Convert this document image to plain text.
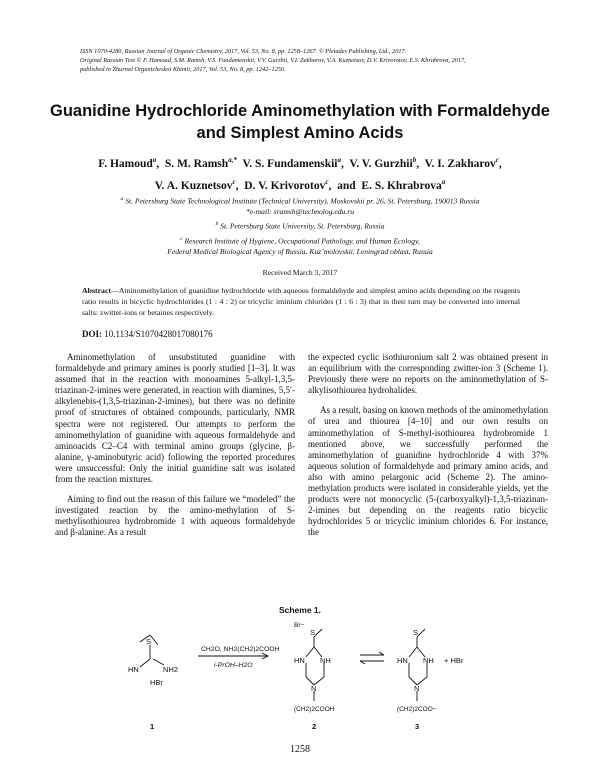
ISSN 1070-4280, Russian Journal of Organic Chemistry, 2017, Vol. 53, No. 8, pp. 1258–1267. © Pleiades Publishing, Ltd., 2017.
Original Russian Text © F. Hamoud, S.M. Ramsh, V.S. Fundamenskii, V.V. Gurzhii, V.I. Zakharov, V.A. Kuznetsov, D.V. Krivorotov, E.S. Khrabrova, 2017,
published in Zhurnal Organicheskoi Khimii, 2017, Vol. 53, No. 8, pp. 1242–1250.
Guanidine Hydrochloride Aminomethylation with Formaldehyde
and Simplest Amino Acids
F. Hamoud$^a$,  S. M. Ramsh$^{a,*}$ V. S. Fundamenskii$^a$,  V. V. Gurzhii$^b$,  V. I. Zakharov$^c$,
V. A. Kuznetsov$^c$,  D. V. Krivorotov$^c$,  and  E. S. Khrabrova$^a$
$^a$ St. Petersburg State Technological Institute (Technical University), Moskovskii pr. 26, St. Petersburg, 190013 Russia
*e-mail: sramsh@technolog.edu.ru
$^b$ St. Petersburg State University, St. Petersburg, Russia
$^c$ Research Institute of Hygiene, Occupational Pathology, and Human Ecology,
Federal Medical Biological Agency of Russia, Kuz’molovskii, Leningrad oblast, Russia
Received March 3, 2017
Abstract—Aminomethylation of guanidine hydrochloride with aqueous formaldehyde and simplest amino acids depending on the reagents ratio results in bicyclic hydrochlorides (1 : 4 : 2) or tricyclic iminium chlorides (1 : 6 : 3) that in their turn may be converted into internal salts: zwitter-ions or betaines respectively.
DOI: 10.1134/S1070428017080176

Aminomethylation of unsubstituted guanidine with formaldehyde and primary amines is poorly studied [1–3]. It was assumed that in the reaction with monoamines 5-alkyl-1,3,5-triazinan-2-imines were generated, in reaction with diamines, 5,5′-alkylenebis-(1,3,5-triazinan-2-imines), but there was no definite proof of structures of obtained compounds, particularly, NMR spectra were not registered. Our attempts to perform the aminomethylation of guanidine with aqueous formaldehyde and aminoacids C2–C4 with terminal amino groups (glycine, β-alanine, γ-aminobutyric acid) following the reported procedures were unsuccessful: Only the initial guanidine salt was isolated from the reaction mixtures.

Aiming to find out the reason of this failure we “modeled” the investigated reaction by the amino-methylation of S-methylisothiourea hydrobromide 1 with aqueous formaldehyde and β-alanine. As a result

the expected cyclic isothiuronium salt 2 was obtained present in an equilibrium with the corresponding zwitter-ion 3 (Scheme 1). Previously there were no reports on the aminomethylation of S-alkylisothiourea hydrohalides.

As a result, basing on known methods of the aminomethylation of urea and thiourea [4–10] and our own results on aminomethylation of S-methyl-isothiourea hydrobromide 1 mentioned above, we successfully performed the aminomethylation of guanidine hydrochloride 4 with 37% aqueous solution of formaldehyde and primary amino acids, and also with amino pelargonic acid (Scheme 2). The amino-methylation products were isolated in considerable yields, yet the products were not monocyclic (5-(carboxyalkyl)-1,3,5-triazinan-2-imines but depending on the reagents ratio bicyclic hydrochlorides 5 or tricyclic iminium chlorides 6. For instance, the

Scheme 1.
S
HN	NH2
HBr
CH2O, NH2(CH2)2COOH
i-PrOH–H2O
Br−
S
HN NH
N
(CH2)2COOH
S
HN NH
N
(CH2)2COO−
+ HBr
1	2	3
1258
